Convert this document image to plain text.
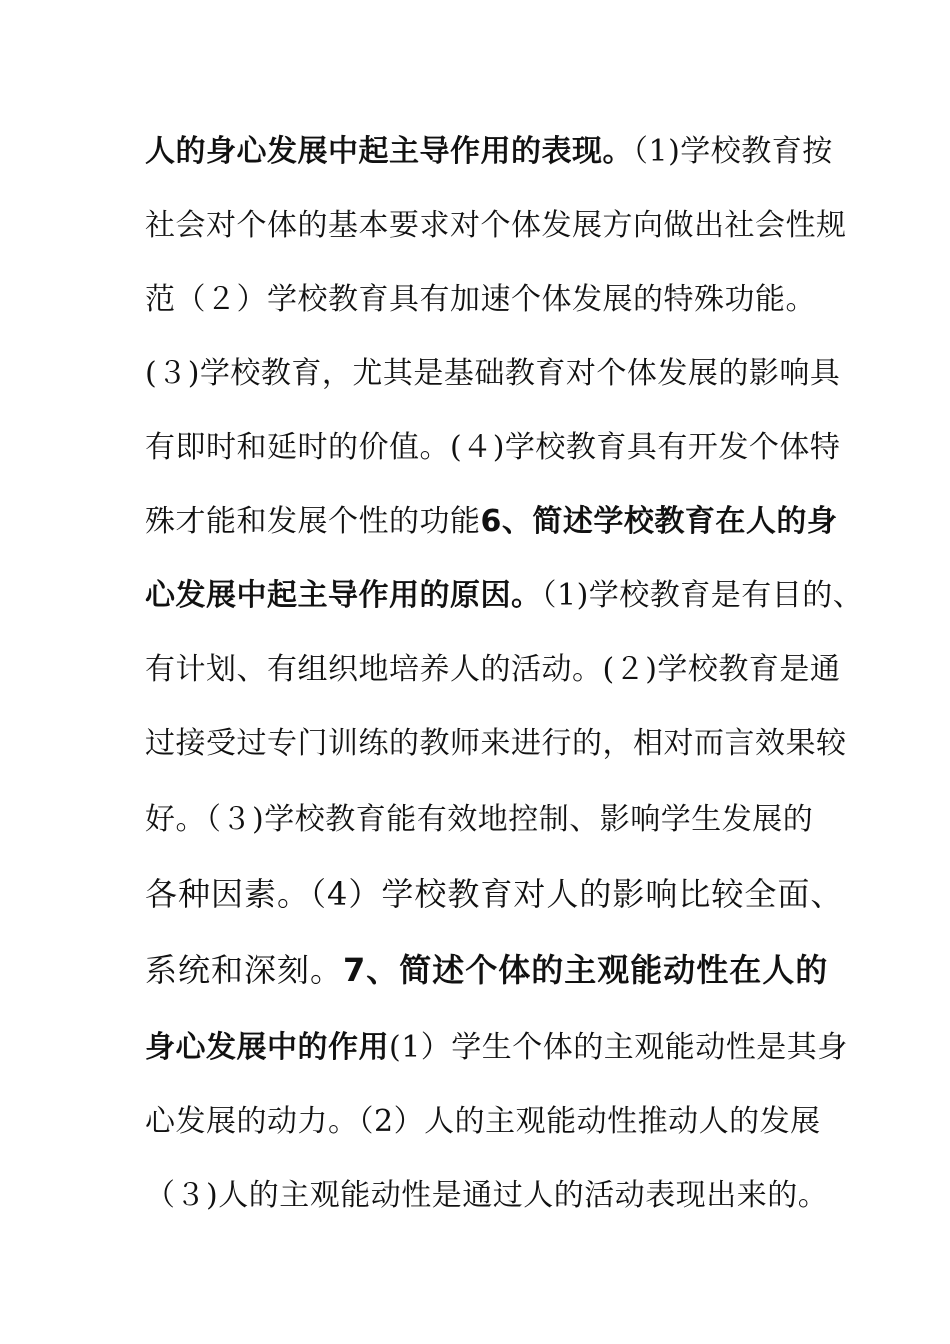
人的身心发展中起主导作用的表现。（1)学校教育按
社会对个体的基本要求对个体发展方向做出社会性规
范（２）学校教育具有加速个体发展的特殊功能。
(３)学校教育，尤其是基础教育对个体发展的影响具
有即时和延时的价值。(４)学校教育具有开发个体特
殊才能和发展个性的功能6、简述学校教育在人的身
心发展中起主导作用的原因。（1)学校教育是有目的、
有计划、有组织地培养人的活动。(２)学校教育是通
过接受过专门训练的教师来进行的，相对而言效果较
好。（３)学校教育能有效地控制、影响学生发展的
各种因素。（4）学校教育对人的影响比较全面、
系统和深刻。7、简述个体的主观能动性在人的
身心发展中的作用(1）学生个体的主观能动性是其身
心发展的动力。（2）人的主观能动性推动人的发展
（３)人的主观能动性是通过人的活动表现出来的。
